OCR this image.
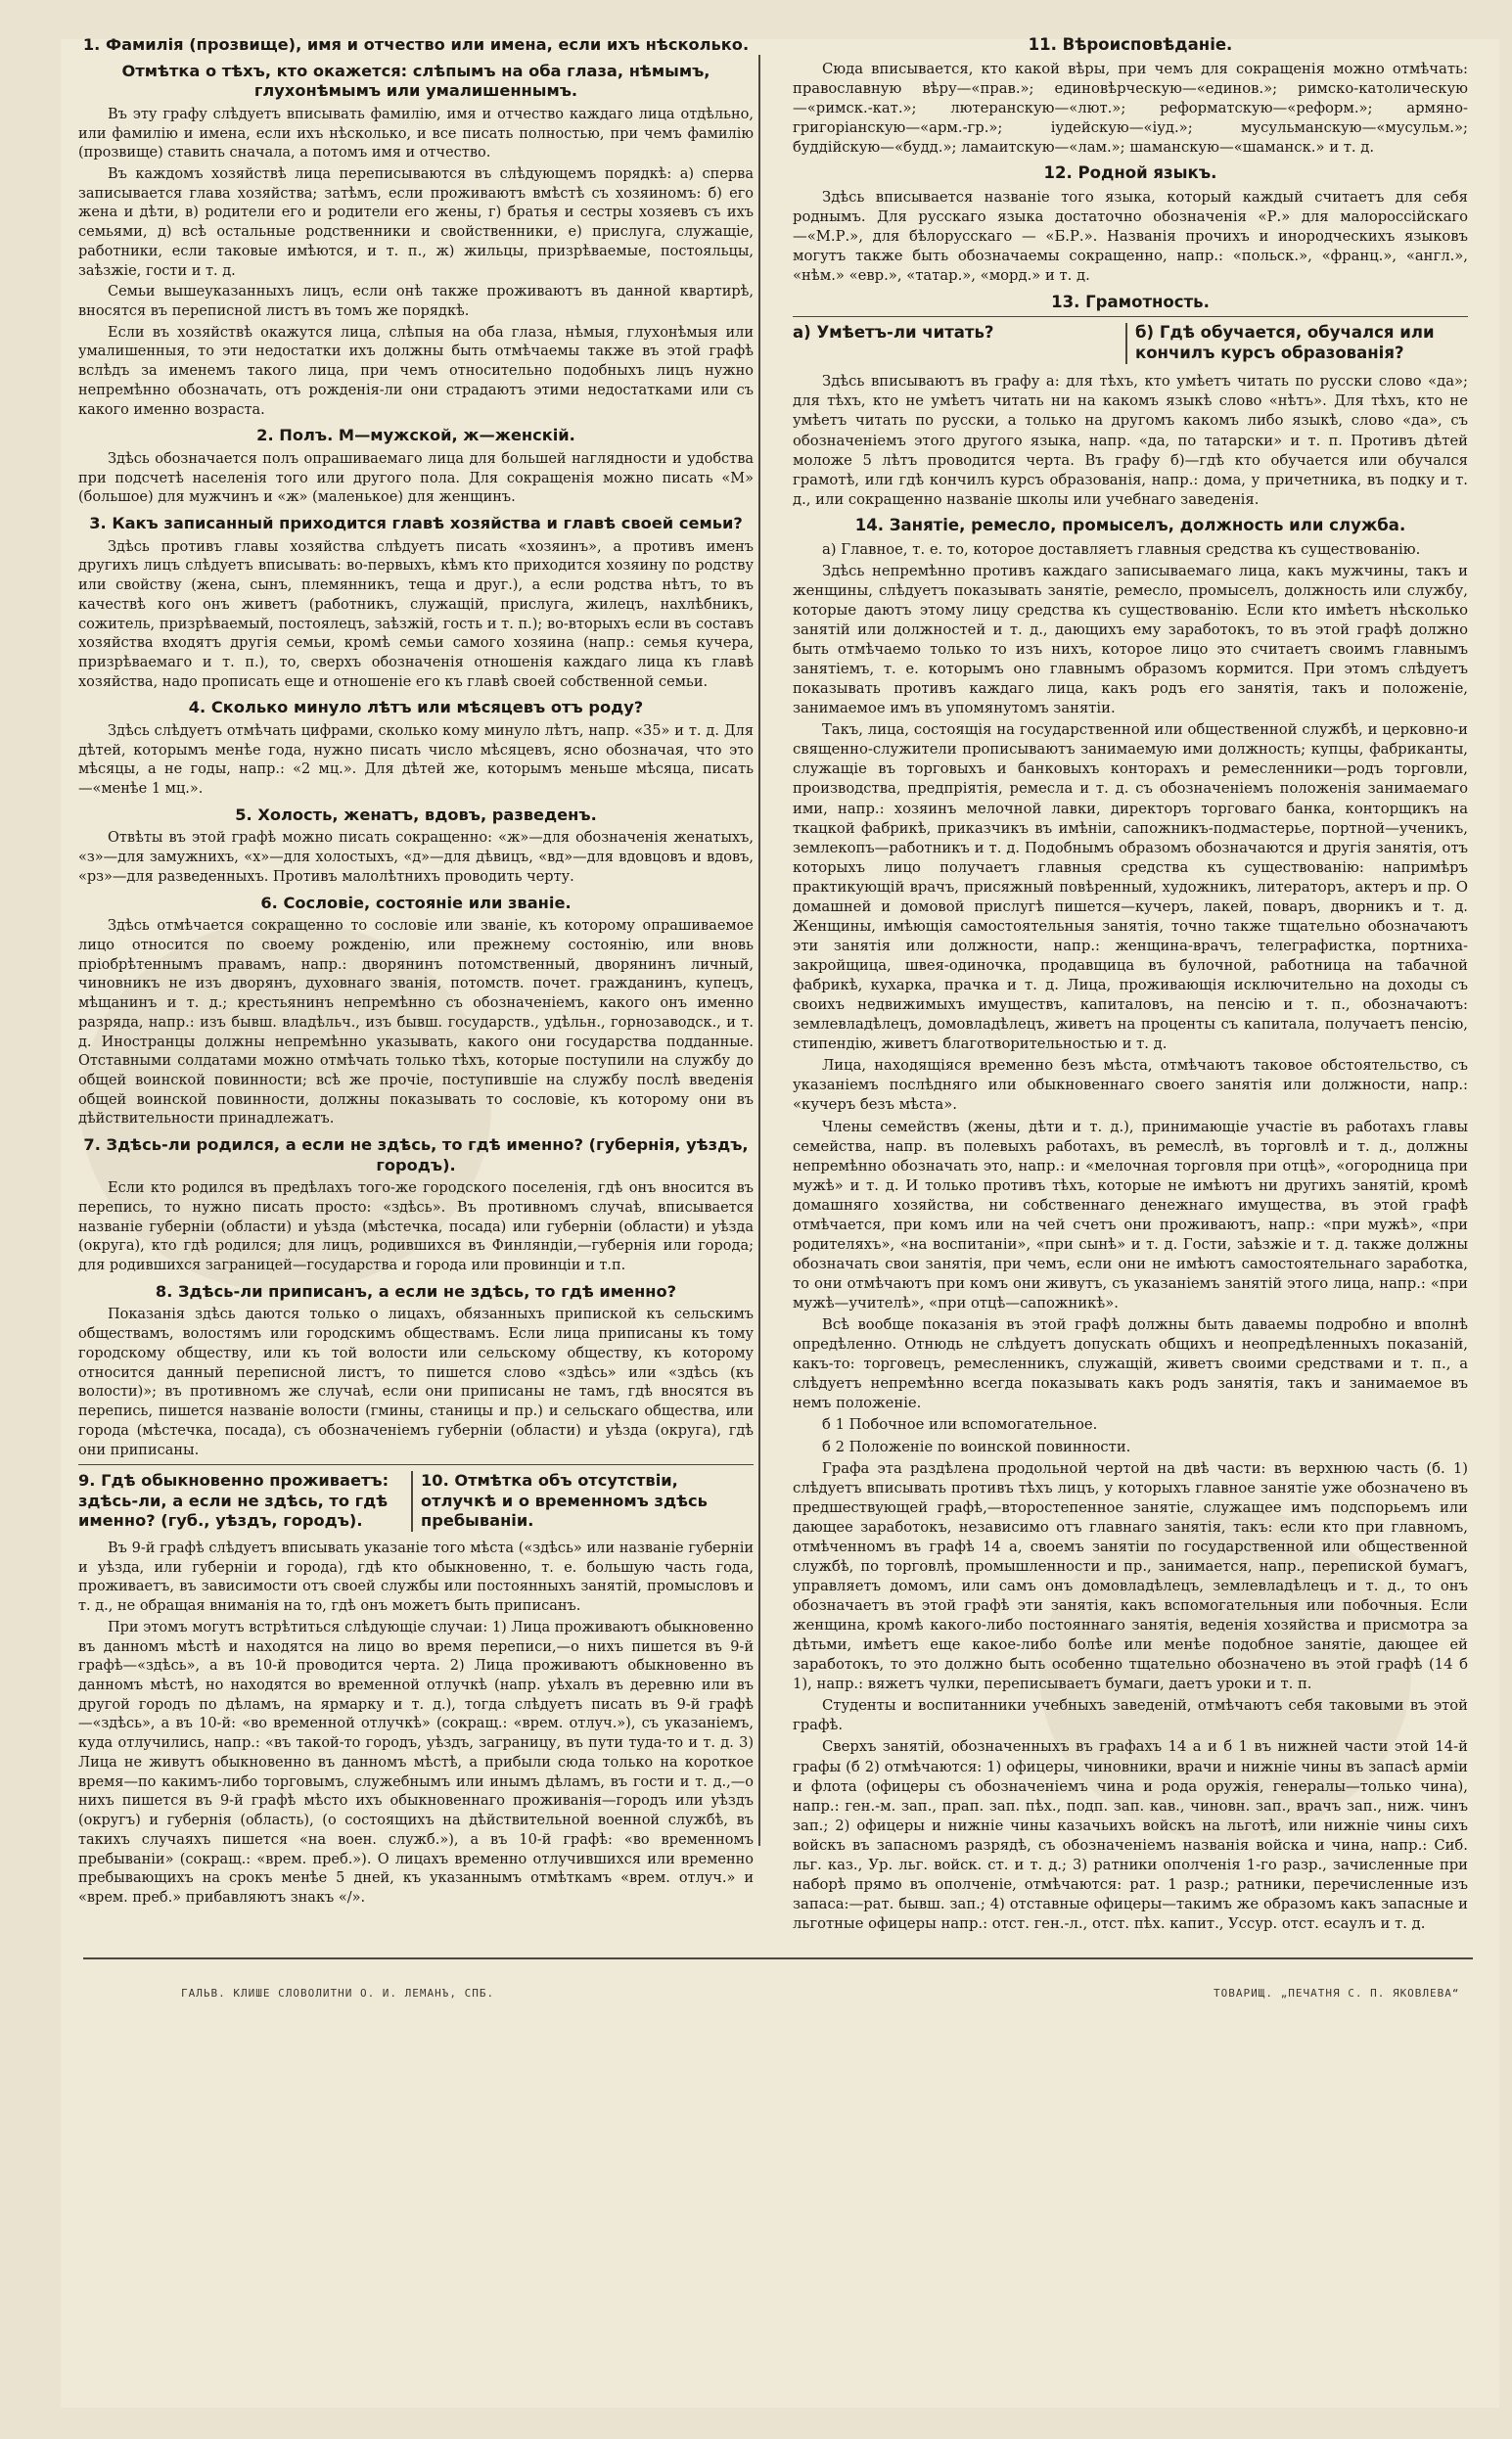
1. Фамилія (прозвище), имя и отчество или имена, если ихъ нѣсколько.
Отмѣтка о тѣхъ, кто окажется: слѣпымъ на оба глаза, нѣмымъ, глухонѣмымъ или умалишеннымъ.
Въ эту графу слѣдуетъ вписывать фамилію, имя и отчество каждаго лица отдѣльно, или фамилію и имена, если ихъ нѣсколько, и все писать полностью, при чемъ фамилію (прозвище) ставить сначала, а потомъ имя и отчество.
Въ каждомъ хозяйствѣ лица переписываются въ слѣдующемъ порядкѣ: а) сперва записывается глава хозяйства; затѣмъ, если проживаютъ вмѣстѣ съ хозяиномъ: б) его жена и дѣти, в) родители его и родители его жены, г) братья и сестры хозяевъ съ ихъ семьями, д) всѣ остальные родственники и свойственники, е) прислуга, служащіе, работники, если таковые имѣются, и т. п., ж) жильцы, призрѣваемые, постояльцы, заѣзжіе, гости и т. д.
Семьи вышеуказанныхъ лицъ, если онѣ также проживаютъ въ данной квартирѣ, вносятся въ переписной листъ въ томъ же порядкѣ.
Если въ хозяйствѣ окажутся лица, слѣпыя на оба глаза, нѣмыя, глухонѣмыя или умалишенныя, то эти недостатки ихъ должны быть отмѣчаемы также въ этой графѣ вслѣдъ за именемъ такого лица, при чемъ относительно подобныхъ лицъ нужно непремѣнно обозначать, отъ рожденія-ли они страдаютъ этими недостатками или съ какого именно возраста.
2. Полъ. М—мужской, ж—женскій.
Здѣсь обозначается полъ опрашиваемаго лица для большей наглядности и удобства при подсчетѣ населенія того или другого пола. Для сокращенія можно писать «М» (большое) для мужчинъ и «ж» (маленькое) для женщинъ.
3. Какъ записанный приходится главѣ хозяйства и главѣ своей семьи?
Здѣсь противъ главы хозяйства слѣдуетъ писать «хозяинъ», а противъ именъ другихъ лицъ слѣдуетъ вписывать: во-первыхъ, кѣмъ кто приходится хозяину по родству или свойству (жена, сынъ, племянникъ, теща и друг.), а если родства нѣтъ, то въ качествѣ кого онъ живетъ (работникъ, служащій, прислуга, жилецъ, нахлѣбникъ, сожитель, призрѣваемый, постоялецъ, заѣзжій, гость и т. п.); во-вторыхъ если въ составъ хозяйства входятъ другія семьи, кромѣ семьи самого хозяина (напр.: семья кучера, призрѣваемаго и т. п.), то, сверхъ обозначенія отношенія каждаго лица къ главѣ хозяйства, надо прописать еще и отношеніе его къ главѣ своей собственной семьи.
4. Сколько минуло лѣтъ или мѣсяцевъ отъ роду?
Здѣсь слѣдуетъ отмѣчать цифрами, сколько кому минуло лѣтъ, напр. «35» и т. д. Для дѣтей, которымъ менѣе года, нужно писать число мѣсяцевъ, ясно обозначая, что это мѣсяцы, а не годы, напр.: «2 мц.». Для дѣтей же, которымъ меньше мѣсяца, писать—«менѣе 1 мц.».
5. Холость, женатъ, вдовъ, разведенъ.
Отвѣты въ этой графѣ можно писать сокращенно: «ж»—для обозначенія женатыхъ, «з»—для замужнихъ, «х»—для холостыхъ, «д»—для дѣвицъ, «вд»—для вдовцовъ и вдовъ, «рз»—для разведенныхъ. Противъ малолѣтнихъ проводить черту.
6. Сословіе, состояніе или званіе.
Здѣсь отмѣчается сокращенно то сословіе или званіе, къ которому опрашиваемое лицо относится по своему рожденію, или прежнему состоянію, или вновь пріобрѣтеннымъ правамъ, напр.: дворянинъ потомственный, дворянинъ личный, чиновникъ не изъ дворянъ, духовнаго званія, потомств. почет. гражданинъ, купецъ, мѣщанинъ и т. д.; крестьянинъ непремѣнно съ обозначеніемъ, какого онъ именно разряда, напр.: изъ бывш. владѣльч., изъ бывш. государств., удѣльн., горнозаводск., и т. д. Иностранцы должны непремѣнно указывать, какого они государства подданные. Отставными солдатами можно отмѣчать только тѣхъ, которые поступили на службу до общей воинской повинности; всѣ же прочіе, поступившіе на службу послѣ введенія общей воинской повинности, должны показывать то сословіе, къ которому они въ дѣйствительности принадлежатъ.
7. Здѣсь-ли родился, а если не здѣсь, то гдѣ именно? (губернія, уѣздъ, городъ).
Если кто родился въ предѣлахъ того-же городского поселенія, гдѣ онъ вносится въ перепись, то нужно писать просто: «здѣсь». Въ противномъ случаѣ, вписывается названіе губерніи (области) и уѣзда (мѣстечка, посада) или губерніи (области) и уѣзда (округа), кто гдѣ родился; для лицъ, родившихся въ Финляндіи,—губернія или города; для родившихся заграницей—государства и города или провинціи и т.п.
8. Здѣсь-ли приписанъ, а если не здѣсь, то гдѣ именно?
Показанія здѣсь даются только о лицахъ, обязанныхъ припиской къ сельскимъ обществамъ, волостямъ или городскимъ обществамъ. Если лица приписаны къ тому городскому обществу, или къ той волости или сельскому обществу, къ которому относится данный переписной листъ, то пишется слово «здѣсь» или «здѣсь (къ волости)»; въ противномъ же случаѣ, если они приписаны не тамъ, гдѣ вносятся въ перепись, пишется названіе волости (гмины, станицы и пр.) и сельскаго общества, или города (мѣстечка, посада), съ обозначеніемъ губерніи (области) и уѣзда (округа), гдѣ они приписаны.
9. Гдѣ обыкновенно проживаетъ: здѣсь-ли, а если не здѣсь, то гдѣ именно? (губ., уѣздъ, городъ).
10. Отмѣтка объ отсутствіи, отлучкѣ и о временномъ здѣсь пребываніи.
Въ 9-й графѣ слѣдуетъ вписывать указаніе того мѣста («здѣсь» или названіе губерніи и уѣзда, или губерніи и города), гдѣ кто обыкновенно, т. е. большую часть года, проживаетъ, въ зависимости отъ своей службы или постоянныхъ занятій, промысловъ и т. д., не обращая вниманія на то, гдѣ онъ можетъ быть приписанъ.
При этомъ могутъ встрѣтиться слѣдующіе случаи: 1) Лица проживаютъ обыкновенно въ данномъ мѣстѣ и находятся на лицо во время переписи,—о нихъ пишется въ 9-й графѣ—«здѣсь», а въ 10-й проводится черта. 2) Лица проживаютъ обыкновенно въ данномъ мѣстѣ, но находятся во временной отлучкѣ (напр. уѣхалъ въ деревню или въ другой городъ по дѣламъ, на ярмарку и т. д.), тогда слѣдуетъ писать въ 9-й графѣ—«здѣсь», а въ 10-й: «во временной отлучкѣ» (сокращ.: «врем. отлуч.»), съ указаніемъ, куда отлучились, напр.: «въ такой-то городъ, уѣздъ, заграницу, въ пути туда-то и т. д. 3) Лица не живутъ обыкновенно въ данномъ мѣстѣ, а прибыли сюда только на короткое время—по какимъ-либо торговымъ, служебнымъ или инымъ дѣламъ, въ гости и т. д.,—о нихъ пишется въ 9-й графѣ мѣсто ихъ обыкновеннаго проживанія—городъ или уѣздъ (округъ) и губернія (область), (о состоящихъ на дѣйствительной военной службѣ, въ такихъ случаяхъ пишется «на воен. служб.»), а въ 10-й графѣ: «во временномъ пребываніи» (сокращ.: «врем. преб.»). О лицахъ временно отлучившихся или временно пребывающихъ на срокъ менѣе 5 дней, къ указаннымъ отмѣткамъ «врем. отлуч.» и «врем. преб.» прибавляютъ знакъ «/».
11. Вѣроисповѣданіе.
Сюда вписывается, кто какой вѣры, при чемъ для сокращенія можно отмѣчать: православную вѣру—«прав.»; единовѣрческую—«единов.»; римско-католическую—«римск.-кат.»; лютеранскую—«лют.»; реформатскую—«реформ.»; армяно-григоріанскую—«арм.-гр.»; іудейскую—«іуд.»; мусульманскую—«мусульм.»; буддійскую—«будд.»; ламаитскую—«лам.»; шаманскую—«шаманск.» и т. д.
12. Родной языкъ.
Здѣсь вписывается названіе того языка, который каждый считаетъ для себя роднымъ. Для русскаго языка достаточно обозначенія «Р.» для малороссійскаго—«М.Р.», для бѣлорусскаго — «Б.Р.». Названія прочихъ и инородческихъ языковъ могутъ также быть обозначаемы сокращенно, напр.: «польск.», «франц.», «англ.», «нѣм.» «евр.», «татар.», «морд.» и т. д.
13. Грамотность.
а) Умѣетъ-ли читать?	б) Гдѣ обучается, обучался или кончилъ курсъ образованія?
Здѣсь вписываютъ въ графу а: для тѣхъ, кто умѣетъ читать по русски слово «да»; для тѣхъ, кто не умѣетъ читать ни на какомъ языкѣ слово «нѣтъ». Для тѣхъ, кто не умѣетъ читать по русски, а только на другомъ какомъ либо языкѣ, слово «да», съ обозначеніемъ этого другого языка, напр. «да, по татарски» и т. п. Противъ дѣтей моложе 5 лѣтъ проводится черта. Въ графу б)—гдѣ кто обучается или обучался грамотѣ, или гдѣ кончилъ курсъ образованія, напр.: дома, у причетника, въ подку и т. д., или сокращенно названіе школы или учебнаго заведенія.
14. Занятіе, ремесло, промыселъ, должность или служба.
а) Главное, т. е. то, которое доставляетъ главныя средства къ существованію.
Здѣсь непремѣнно противъ каждаго записываемаго лица, какъ мужчины, такъ и женщины, слѣдуетъ показывать занятіе, ремесло, промыселъ, должность или службу, которые даютъ этому лицу средства къ существованію. Если кто имѣетъ нѣсколько занятій или должностей и т. д., дающихъ ему заработокъ, то въ этой графѣ должно быть отмѣчаемо только то изъ нихъ, которое лицо это считаетъ своимъ главнымъ занятіемъ, т. е. которымъ оно главнымъ образомъ кормится. При этомъ слѣдуетъ показывать противъ каждаго лица, какъ родъ его занятія, такъ и положеніе, занимаемое имъ въ упомянутомъ занятіи.
Такъ, лица, состоящія на государственной или общественной службѣ, и церковно-и священно-служители прописываютъ занимаемую ими должность; купцы, фабриканты, служащіе въ торговыхъ и банковыхъ конторахъ и ремесленники—родъ торговли, производства, предпріятія, ремесла и т. д. съ обозначеніемъ положенія занимаемаго ими, напр.: хозяинъ мелочной лавки, директоръ торговаго банка, конторщикъ на ткацкой фабрикѣ, приказчикъ въ имѣніи, сапожникъ-подмастерье, портной—ученикъ, землекопъ—работникъ и т. д. Подобнымъ образомъ обозначаются и другія занятія, отъ которыхъ лицо получаетъ главныя средства къ существованію: напримѣръ практикующій врачъ, присяжный повѣренный, художникъ, литераторъ, актеръ и пр. О домашней и домовой прислугѣ пишется—кучеръ, лакей, поваръ, дворникъ и т. д. Женщины, имѣющія самостоятельныя занятія, точно также тщательно обозначаютъ эти занятія или должности, напр.: женщина-врачъ, телеграфистка, портниха-закройщица, швея-одиночка, продавщица въ булочной, работница на табачной фабрикѣ, кухарка, прачка и т. д. Лица, проживающія исключительно на доходы съ своихъ недвижимыхъ имуществъ, капиталовъ, на пенсію и т. п., обозначаютъ: землевладѣлецъ, домовладѣлецъ, живетъ на проценты съ капитала, получаетъ пенсію, стипендію, живетъ благотворительностью и т. д.
Лица, находящіяся временно безъ мѣста, отмѣчаютъ таковое обстоятельство, съ указаніемъ послѣдняго или обыкновеннаго своего занятія или должности, напр.: «кучеръ безъ мѣста».
Члены семействъ (жены, дѣти и т. д.), принимающіе участіе въ работахъ главы семейства, напр. въ полевыхъ работахъ, въ ремеслѣ, въ торговлѣ и т. д., должны непремѣнно обозначать это, напр.: и «мелочная торговля при отцѣ», «огородница при мужѣ» и т. д. И только противъ тѣхъ, которые не имѣютъ ни другихъ занятій, кромѣ домашняго хозяйства, ни собственнаго денежнаго имущества, въ этой графѣ отмѣчается, при комъ или на чей счетъ они проживаютъ, напр.: «при мужѣ», «при родителяхъ», «на воспитаніи», «при сынѣ» и т. д. Гости, заѣзжіе и т. д. также должны обозначать свои занятія, при чемъ, если они не имѣютъ самостоятельнаго заработка, то они отмѣчаютъ при комъ они живутъ, съ указаніемъ занятій этого лица, напр.: «при мужѣ—учителѣ», «при отцѣ—сапожникѣ».
Всѣ вообще показанія въ этой графѣ должны быть даваемы подробно и вполнѣ опредѣленно. Отнюдь не слѣдуетъ допускать общихъ и неопредѣленныхъ показаній, какъ-то: торговецъ, ремесленникъ, служащій, живетъ своими средствами и т. п., а слѣдуетъ непремѣнно всегда показывать какъ родъ занятія, такъ и занимаемое въ немъ положеніе.
б 1 Побочное или вспомогательное.
б 2 Положеніе по воинской повинности.
Графа эта раздѣлена продольной чертой на двѣ части: въ верхнюю часть (б. 1) слѣдуетъ вписывать противъ тѣхъ лицъ, у которыхъ главное занятіе уже обозначено въ предшествующей графѣ,—второстепенное занятіе, служащее имъ подспорьемъ или дающее заработокъ, независимо отъ главнаго занятія, такъ: если кто при главномъ, отмѣченномъ въ графѣ 14 а, своемъ занятіи по государственной или общественной службѣ, по торговлѣ, промышленности и пр., занимается, напр., перепиской бумагъ, управляетъ домомъ, или самъ онъ домовладѣлецъ, землевладѣлецъ и т. д., то онъ обозначаетъ въ этой графѣ эти занятія, какъ вспомогательныя или побочныя. Если женщина, кромѣ какого-либо постояннаго занятія, веденія хозяйства и присмотра за дѣтьми, имѣетъ еще какое-либо болѣе или менѣе подобное занятіе, дающее ей заработокъ, то это должно быть особенно тщательно обозначено въ этой графѣ (14 б 1), напр.: вяжетъ чулки, переписываетъ бумаги, даетъ уроки и т. п.
Студенты и воспитанники учебныхъ заведеній, отмѣчаютъ себя таковыми въ этой графѣ.
Сверхъ занятій, обозначенныхъ въ графахъ 14 а и б 1 въ нижней части этой 14-й графы (б 2) отмѣчаются: 1) офицеры, чиновники, врачи и нижніе чины въ запасѣ арміи и флота (офицеры съ обозначеніемъ чина и рода оружія, генералы—только чина), напр.: ген.-м. зап., прап. зап. пѣх., подп. зап. кав., чиновн. зап., врачъ зап., ниж. чинъ зап.; 2) офицеры и нижніе чины казачьихъ войскъ на льготѣ, или нижніе чины сихъ войскъ въ запасномъ разрядѣ, съ обозначеніемъ названія войска и чина, напр.: Сиб. льг. каз., Ур. льг. войск. ст. и т. д.; 3) ратники ополченія 1-го разр., зачисленные при наборѣ прямо въ ополченіе, отмѣчаются: рат. 1 разр.; ратники, перечисленные изъ запаса:—рат. бывш. зап.; 4) отставные офицеры—такимъ же образомъ какъ запасные и льготные офицеры напр.: отст. ген.-л., отст. пѣх. капит., Уссур. отст. есаулъ и т. д.
ГАЛЬВ. КЛИШЕ СЛОВОЛИТНИ О. И. ЛЕМАНЪ, СПБ.	ТОВАРИЩ. „ПЕЧАТНЯ С. П. ЯКОВЛЕВА“
